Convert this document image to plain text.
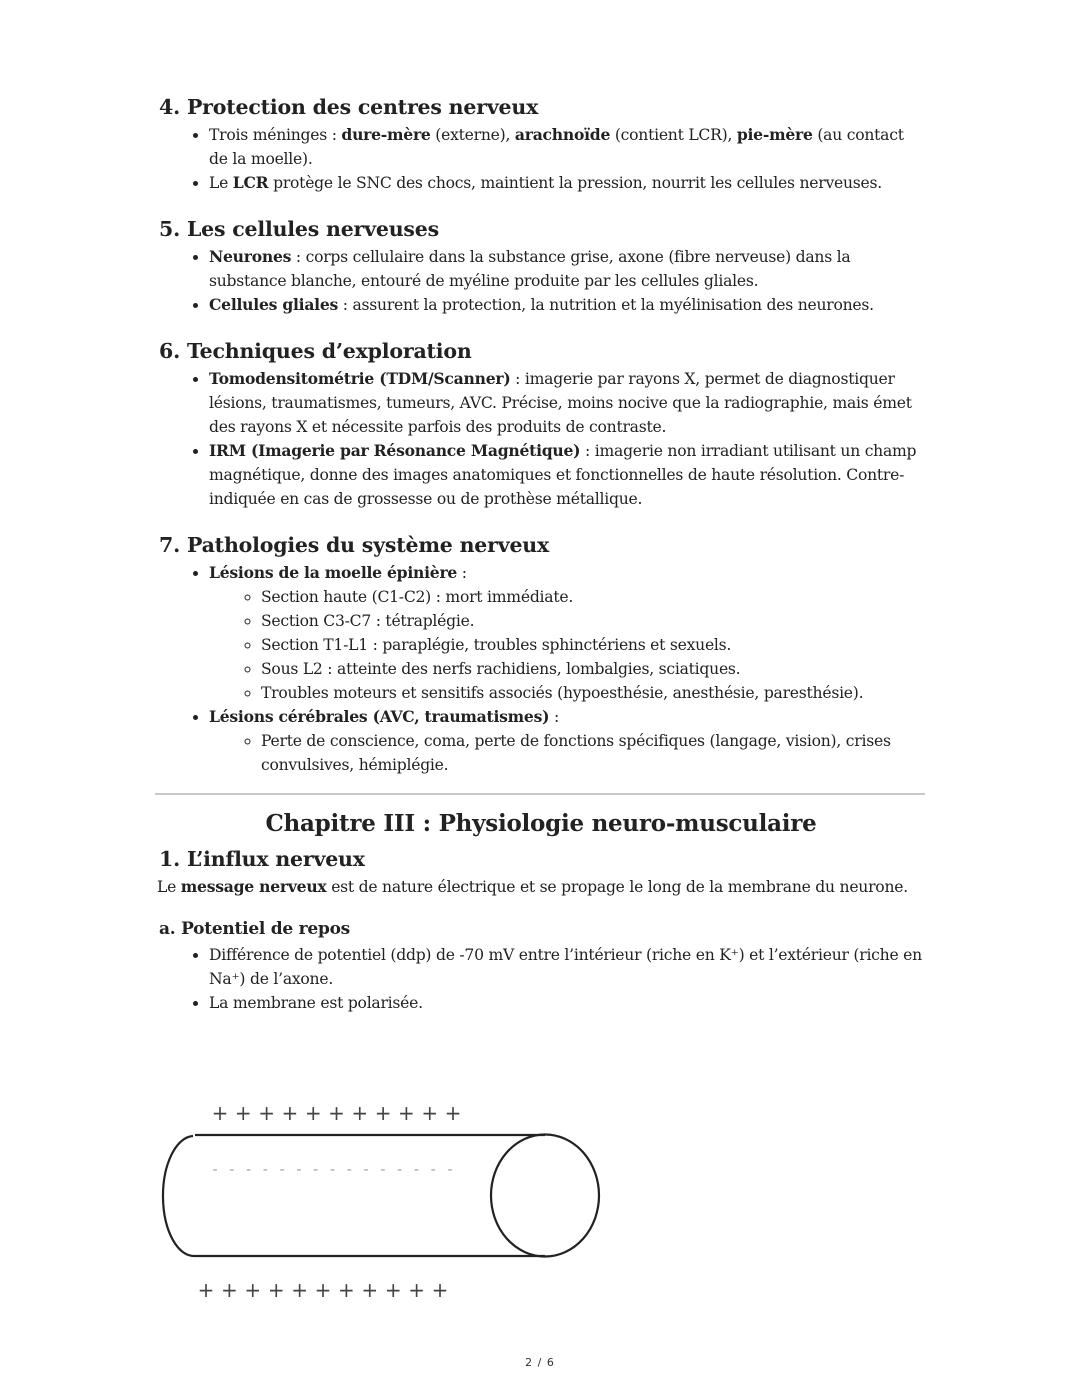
4. Protection des centres nerveux
• Trois méninges : dure-mère (externe), arachnoïde (contient LCR), pie-mère (au contact de la moelle).
• Le LCR protège le SNC des chocs, maintient la pression, nourrit les cellules nerveuses.
5. Les cellules nerveuses
• Neurones : corps cellulaire dans la substance grise, axone (fibre nerveuse) dans la substance blanche, entouré de myéline produite par les cellules gliales.
• Cellules gliales : assurent la protection, la nutrition et la myélinisation des neurones.
6. Techniques d’exploration
• Tomodensitométrie (TDM/Scanner) : imagerie par rayons X, permet de diagnostiquer lésions, traumatismes, tumeurs, AVC. Précise, moins nocive que la radiographie, mais émet des rayons X et nécessite parfois des produits de contraste.
• IRM (Imagerie par Résonance Magnétique) : imagerie non irradiant utilisant un champ magnétique, donne des images anatomiques et fonctionnelles de haute résolution. Contre-indiquée en cas de grossesse ou de prothèse métallique.
7. Pathologies du système nerveux
• Lésions de la moelle épinière :
◦ Section haute (C1-C2) : mort immédiate.
◦ Section C3-C7 : tétraplégie.
◦ Section T1-L1 : paraplégie, troubles sphinctériens et sexuels.
◦ Sous L2 : atteinte des nerfs rachidiens, lombalgies, sciatiques.
◦ Troubles moteurs et sensitifs associés (hypoesthésie, anesthésie, paresthésie).
• Lésions cérébrales (AVC, traumatismes) :
◦ Perte de conscience, coma, perte de fonctions spécifiques (langage, vision), crises convulsives, hémiplégie.
Chapitre III : Physiologie neuro-musculaire
1. L’influx nerveux

Le message nerveux est de nature électrique et se propage le long de la membrane du neurone.

a. Potentiel de repos
• Différence de potentiel (ddp) de -70 mV entre l’intérieur (riche en K⁺) et l’extérieur (riche en Na⁺) de l’axone.
• La membrane est polarisée.
+ + + + + + + + + + +
- - - - - - - - - - - - - - -
+ + + + + + + + + + +
2 / 6
